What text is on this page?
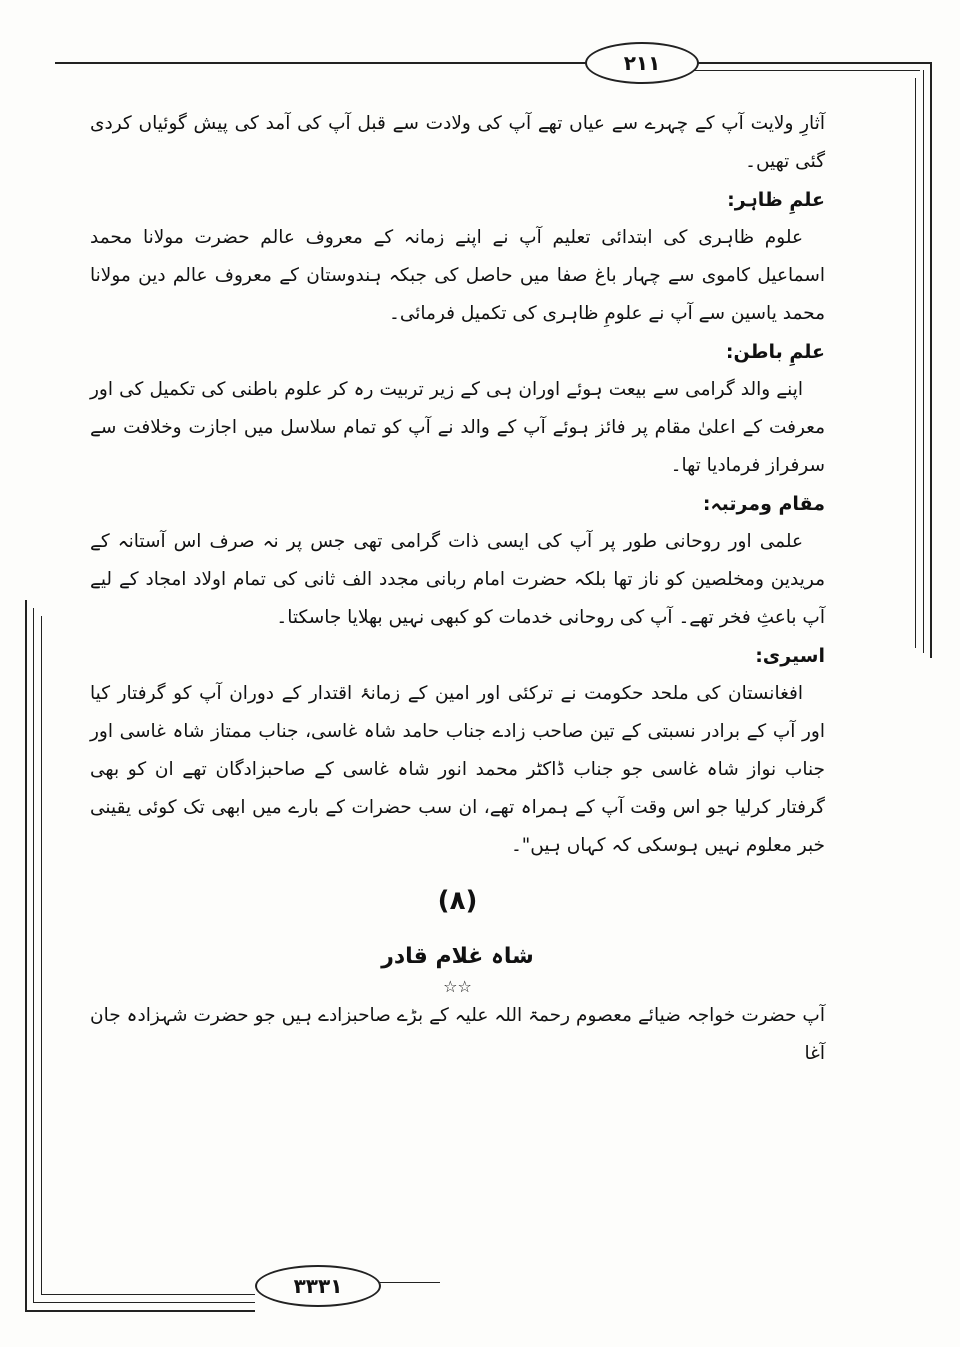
۲۱۱
۳۳۳۱

آثارِ ولایت آپ کے چہرے سے عیاں تھے آپ کی ولادت سے قبل آپ کی آمد کی پیش گوئیاں کردی گئی تھیں۔

علمِ ظاہر:

علوم ظاہری کی ابتدائی تعلیم آپ نے اپنے زمانہ کے معروف عالم حضرت مولانا محمد اسماعیل کاموی سے چہار باغ صفا میں حاصل کی جبکہ ہندوستان کے معروف عالم دین مولانا محمد یاسین سے آپ نے علومِ ظاہری کی تکمیل فرمائی۔

علمِ باطن:

اپنے والد گرامی سے بیعت ہوئے اوران ہی کے زیر تربیت رہ کر علوم باطنی کی تکمیل کی اور معرفت کے اعلیٰ مقام پر فائز ہوئے آپ کے والد نے آپ کو تمام سلاسل میں اجازت وخلافت سے سرفراز فرمادیا تھا۔

مقام ومرتبہ:

علمی اور روحانی طور پر آپ کی ایسی ذات گرامی تھی جس پر نہ صرف اس آستانہ کے مریدین ومخلصین کو ناز تھا بلکہ حضرت امام ربانی مجدد الف ثانی کی تمام اولاد امجاد کے لیے آپ باعثِ فخر تھے۔ آپ کی روحانی خدمات کو کبھی نہیں بھلایا جاسکتا۔

اسیری:

افغانستان کی ملحد حکومت نے ترکئی اور امین کے زمانۂ اقتدار کے دوران آپ کو گرفتار کیا اور آپ کے برادر نسبتی کے تین صاحب زادے جناب حامد شاہ غاسی، جناب ممتاز شاہ غاسی اور جناب نواز شاہ غاسی جو جناب ڈاکٹر محمد انور شاہ غاسی کے صاحبزادگان تھے ان کو بھی گرفتار کرلیا جو اس وقت آپ کے ہمراہ تھے، ان سب حضرات کے بارے میں ابھی تک کوئی یقینی خبر معلوم نہیں ہوسکی کہ کہاں ہیں"۔

(۸)
شاہ غلام قادر
☆☆

آپ حضرت خواجہ ضیائے معصوم رحمۃ اللہ علیہ کے بڑے صاحبزادے ہیں جو حضرت شہزادہ جان آغا
